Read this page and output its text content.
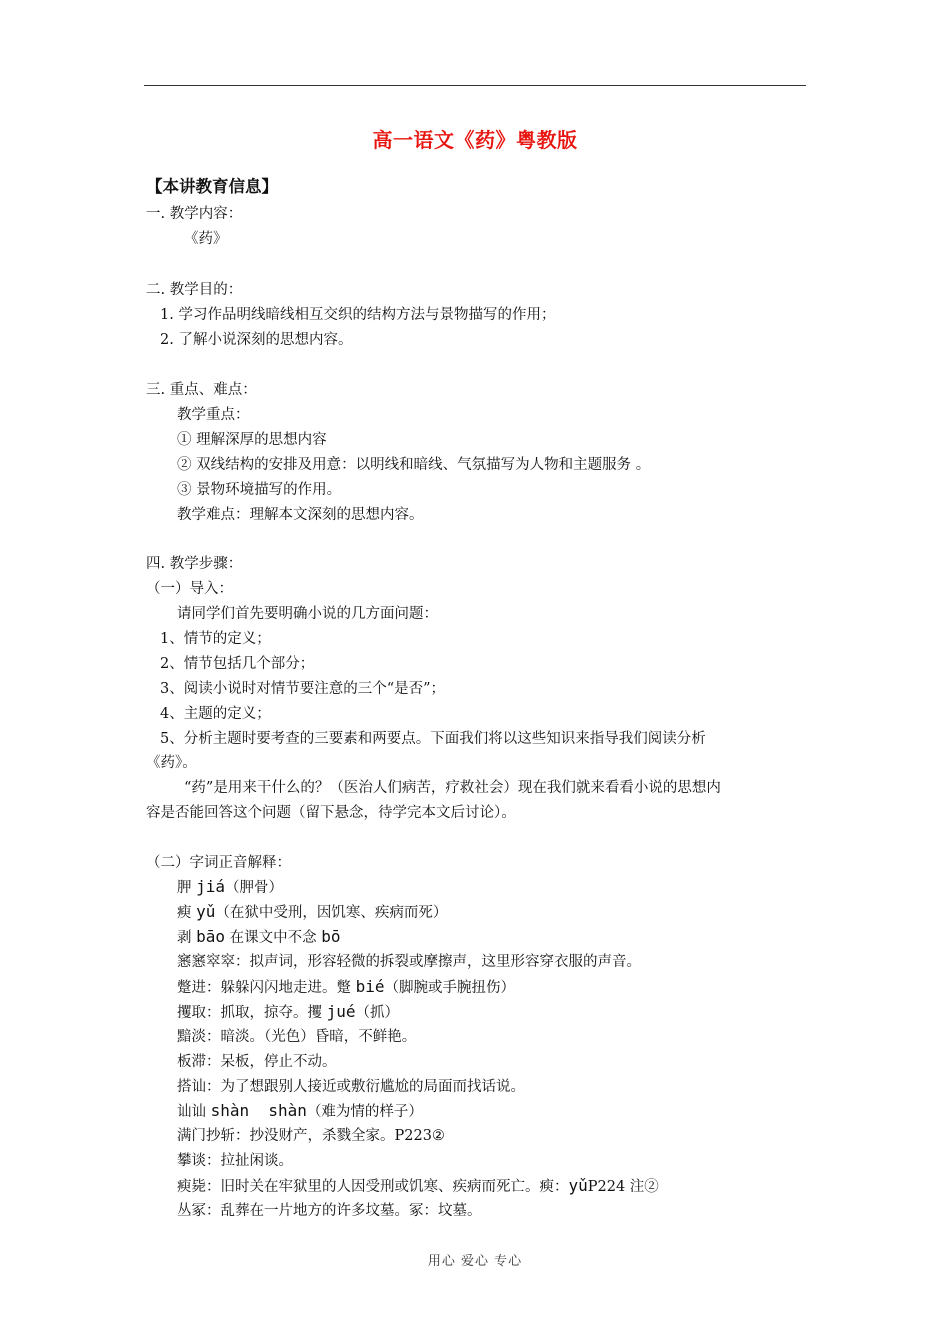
高一语文《药》粤教版
【本讲教育信息】
一. 教学内容：
《药》
二. 教学目的：
1. 学习作品明线暗线相互交织的结构方法与景物描写的作用；
2. 了解小说深刻的思想内容。
三. 重点、难点：
教学重点：
① 理解深厚的思想内容
② 双线结构的安排及用意：以明线和暗线、气氛描写为人物和主题服务 。
③ 景物环境描写的作用。
教学难点：理解本文深刻的思想内容。
四. 教学步骤：
（一）导入：
请同学们首先要明确小说的几方面问题：
1、情节的定义；
2、情节包括几个部分；
3、阅读小说时对情节要注意的三个“是否”；
4、主题的定义；
5、分析主题时要考查的三要素和两要点。下面我们将以这些知识来指导我们阅读分析
《药》。
“药”是用来干什么的？（医治人们病苦，疗救社会）现在我们就来看看小说的思想内
容是否能回答这个问题（留下悬念，待学完本文后讨论）。
（二）字词正音解释：
胛 jiá（胛骨）
瘐 yǔ（在狱中受刑，因饥寒、疾病而死）
剥 bāo 在课文中不念 bō
窸窸窣窣：拟声词，形容轻微的拆裂或摩擦声，这里形容穿衣服的声音。
蹩进：躲躲闪闪地走进。蹩 bié（脚腕或手腕扭伤）
攫取：抓取，掠夺。攫 jué（抓）
黯淡：暗淡。（光色）昏暗，不鲜艳。
板滞：呆板，停止不动。
搭讪：为了想跟别人接近或敷衍尴尬的局面而找话说。
讪讪 shàn  shàn（难为情的样子）
满门抄斩：抄没财产，杀戮全家。P223②
攀谈：拉扯闲谈。
瘐毙：旧时关在牢狱里的人因受刑或饥寒、疾病而死亡。瘐：yǔP224 注②
丛冢：乱葬在一片地方的许多坟墓。冢：坟墓。
用心 爱心 专心
